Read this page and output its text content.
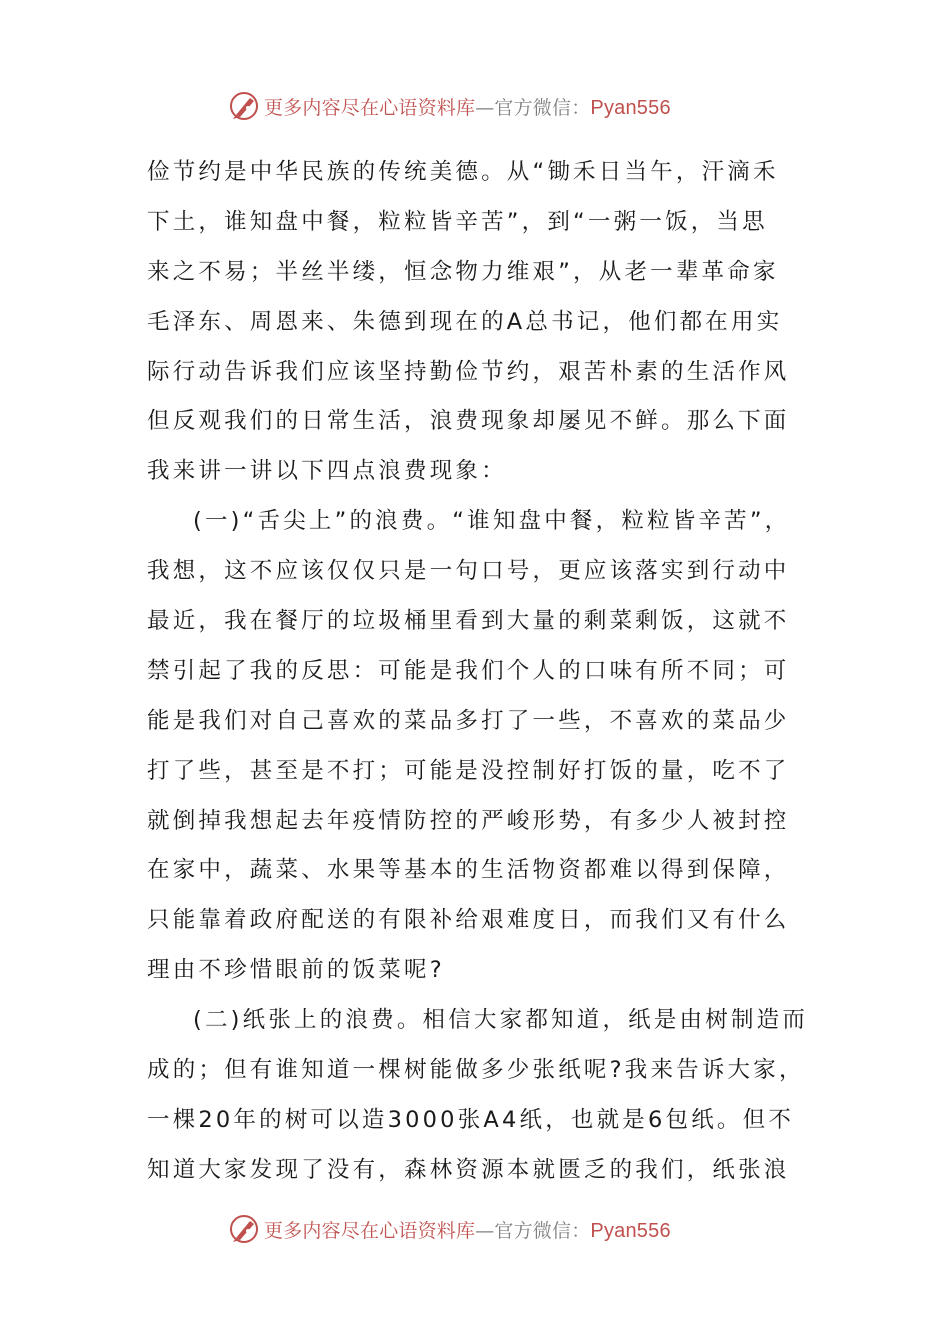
更多内容尽在心语资料库—官方微信：Pyan556
俭节约是中华民族的传统美德。从“锄禾日当午，汗滴禾
下土，谁知盘中餐，粒粒皆辛苦”，到“一粥一饭，当思
来之不易；半丝半缕，恒念物力维艰”，从老一辈革命家
毛泽东、周恩来、朱德到现在的A总书记，他们都在用实
际行动告诉我们应该坚持勤俭节约，艰苦朴素的生活作风
但反观我们的日常生活，浪费现象却屡见不鲜。那么下面
我来讲一讲以下四点浪费现象：
(一)“舌尖上”的浪费。“谁知盘中餐，粒粒皆辛苦”，
我想，这不应该仅仅只是一句口号，更应该落实到行动中
最近，我在餐厅的垃圾桶里看到大量的剩菜剩饭，这就不
禁引起了我的反思：可能是我们个人的口味有所不同；可
能是我们对自己喜欢的菜品多打了一些，不喜欢的菜品少
打了些，甚至是不打；可能是没控制好打饭的量，吃不了
就倒掉我想起去年疫情防控的严峻形势，有多少人被封控
在家中，蔬菜、水果等基本的生活物资都难以得到保障，
只能靠着政府配送的有限补给艰难度日，而我们又有什么
理由不珍惜眼前的饭菜呢?
(二)纸张上的浪费。相信大家都知道，纸是由树制造而
成的；但有谁知道一棵树能做多少张纸呢?我来告诉大家，
一棵20年的树可以造3000张A4纸，也就是6包纸。但不
知道大家发现了没有，森林资源本就匮乏的我们，纸张浪
更多内容尽在心语资料库—官方微信：Pyan556
